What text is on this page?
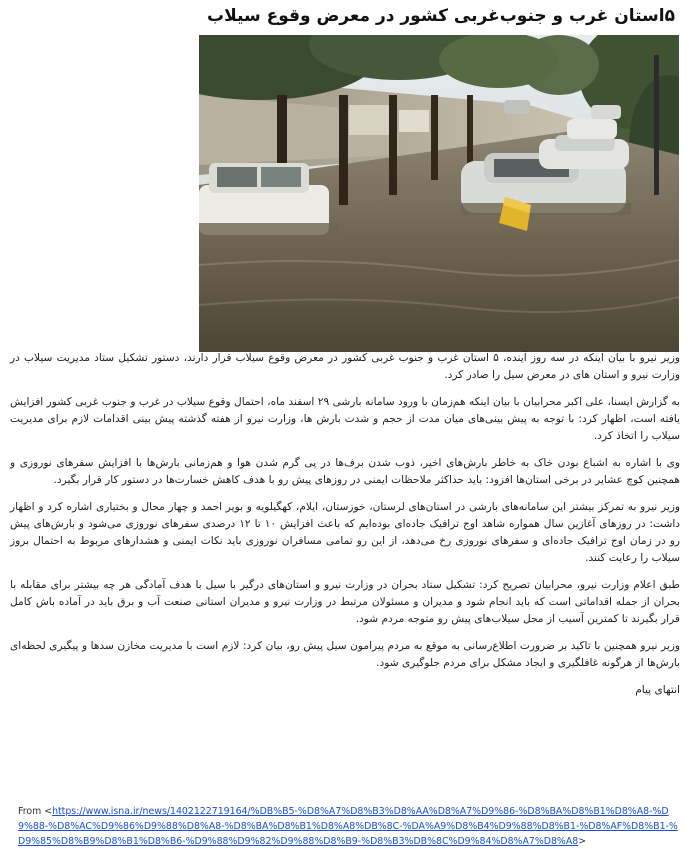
۵استان غرب و جنوب‌غربی کشور در معرض وقوع سیلاب

وزیر نیرو با بیان اینکه در سه روز آینده، ۵ استان غرب و جنوب غربی کشور در معرض وقوع سیلاب قرار دارند، دستور تشکیل ستاد مدیریت سیلاب در وزارت نیرو و استان های در معرض سیل را صادر کرد.

به گزارش ایسنا، علی اکبر محرابیان با بیان اینکه هم‌زمان با ورود سامانه بارشی ۲۹ اسفند ماه، احتمال وقوع سیلاب در غرب و جنوب غربی کشور افزایش یافته است، اظهار کرد: با توجه به پیش بینی‌های میان مدت از حجم و شدت بارش ها، وزارت نیرو از هفته گذشته پیش بینی اقدامات لازم برای مدیریت سیلاب را اتخاذ کرد.

وی با اشاره به اشباع بودن خاک به خاطر بارش‌های اخیر، ذوب شدن برف‌ها در پی گرم شدن هوا و هم‌زمانی بارش‌ها با افزایش سفرهای نوروزی و همچنین کوچ عشایر در برخی استان‌ها افزود: باید حداکثر ملاحظات ایمنی در روزهای پیش رو با هدف کاهش خسارت‌ها در دستور کار قرار بگیرد.

وزیر نیرو به تمرکز بیشتر این سامانه‌های بارشی در استان‌های لرستان، خوزستان، ایلام، کهگیلویه و بویر احمد و چهار محال و بختیاری اشاره کرد و اظهار داشت: در روزهای آغازین سال همواره شاهد اوج ترافیک جاده‌ای بوده‌ایم که باعث افزایش ۱۰ تا ۱۲ درصدی سفرهای نوروزی می‌شود و بارش‌های پیش رو در زمان اوج ترافیک جاده‌ای و سفرهای نوروزی رخ می‌دهد، از این رو تمامی مسافران نوروزی باید نکات ایمنی و هشدارهای مربوط به احتمال بروز سیلاب را رعایت کنند.

طبق اعلام وزارت نیرو، محرابیان تصریح کرد: تشکیل ستاد بحران در وزارت نیرو و استان‌های درگیر با سیل با هدف آمادگی هر چه بیشتر برای مقابله با بحران از جمله اقداماتی است که باید انجام شود و مدیران و مسئولان مرتبط در وزارت نیرو و مدیران استانی صنعت آب و برق باید در آماده باش کامل قرار بگیرند تا کمترین آسیب از محل سیلاب‌های پیش رو متوجه مردم شود.

وزیر نیرو همچنین با تاکید بر ضرورت اطلاع‌رسانی به موقع به مردم پیرامون سیل پیش رو، بیان کرد: لازم است با مدیریت مخازن سدها و پیگیری لحظه‌ای بارش‌ها از هرگونه غافلگیری و ایجاد مشکل برای مردم جلوگیری شود.

انتهای پیام

From <https://www.isna.ir/news/1402122719164/%DB%B5-%D8%A7%D8%B3%D8%AA%D8%A7%D9%86-%D8%BA%D8%B1%D8%A8-%D9%88-%D8%AC%D9%86%D9%88%D8%A8-%D8%BA%D8%B1%D8%A8%DB%8C-%DA%A9%D8%B4%D9%88%D8%B1-%D8%AF%D8%B1-%D9%85%D8%B9%D8%B1%D8%B6-%D9%88%D9%82%D9%88%D8%B9-%D8%B3%DB%8C%D9%84%D8%A7%D8%A8>
